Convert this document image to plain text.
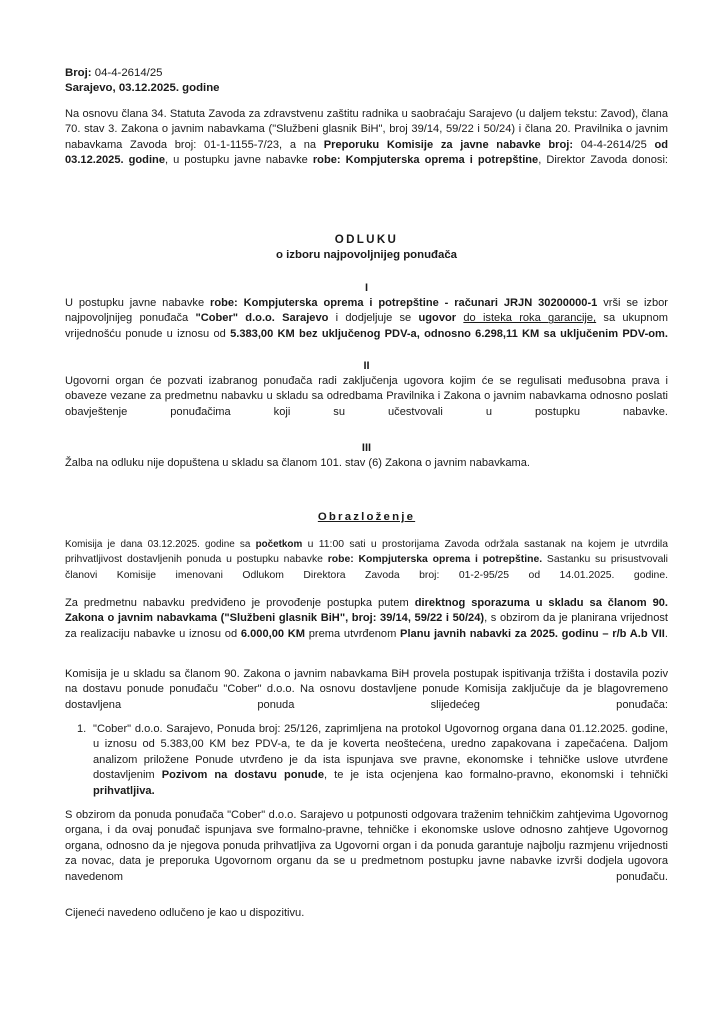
Broj: 04-4-2614/25
Sarajevo, 03.12.2025. godine
Na osnovu člana 34. Statuta Zavoda za zdravstvenu zaštitu radnika u saobraćaju Sarajevo (u daljem tekstu: Zavod), člana 70. stav 3. Zakona o javnim nabavkama ("Službeni glasnik BiH", broj 39/14, 59/22 i 50/24) i člana 20. Pravilnika o javnim nabavkama Zavoda broj: 01-1-1155-7/23, a na Preporuku Komisije za javne nabavke broj: 04-4-2614/25 od 03.12.2025. godine, u postupku javne nabavke robe: Kompjuterska oprema i potrepštine, Direktor Zavoda donosi:
ODLUKU
o izboru najpovoljnijeg ponuđača
I
U postupku javne nabavke robe: Kompjuterska oprema i potrepštine - računari JRJN 30200000-1 vrši se izbor najpovoljnijeg ponuđača "Cober" d.o.o. Sarajevo i dodjeljuje se ugovor do isteka roka garancije, sa ukupnom vrijednošću ponude u iznosu od 5.383,00 KM bez uključenog PDV-a, odnosno 6.298,11 KM sa uključenim PDV-om.
II
Ugovorni organ će pozvati izabranog ponuđača radi zaključenja ugovora kojim će se regulisati međusobna prava i obaveze vezane za predmetnu nabavku u skladu sa odredbama Pravilnika i Zakona o javnim nabavkama odnosno poslati obavještenje ponuđačima koji su učestvovali u postupku nabavke.
III
Žalba na odluku nije dopuštena u skladu sa članom 101. stav (6) Zakona o javnim nabavkama.
Obrazloženje
Komisija je dana 03.12.2025. godine sa početkom u 11:00 sati u prostorijama Zavoda održala sastanak na kojem je utvrdila prihvatljivost dostavljenih ponuda u postupku nabavke robe: Kompjuterska oprema i potrepštine. Sastanku su prisustvovali članovi Komisije imenovani Odlukom Direktora Zavoda broj: 01-2-95/25 od 14.01.2025. godine.
Za predmetnu nabavku predviđeno je provođenje postupka putem direktnog sporazuma u skladu sa članom 90. Zakona o javnim nabavkama ("Službeni glasnik BiH", broj: 39/14, 59/22 i 50/24), s obzirom da je planirana vrijednost za realizaciju nabavke u iznosu od 6.000,00 KM prema utvrđenom Planu javnih nabavki za 2025. godinu – r/b A.b VII.
Komisija je u skladu sa članom 90. Zakona o javnim nabavkama BiH provela postupak ispitivanja tržišta i dostavila poziv na dostavu ponude ponuđaču "Cober" d.o.o. Na osnovu dostavljene ponude Komisija zaključuje da je blagovremeno dostavljena ponuda slijedećeg ponuđača:
1. "Cober" d.o.o. Sarajevo, Ponuda broj: 25/126, zaprimljena na protokol Ugovornog organa dana 01.12.2025. godine, u iznosu od 5.383,00 KM bez PDV-a, te da je koverta neoštećena, uredno zapakovana i zapečaćena. Daljom analizom priložene Ponude utvrđeno je da ista ispunjava sve pravne, ekonomske i tehničke uslove utvrđene dostavljenim Pozivom na dostavu ponude, te je ista ocjenjena kao formalno-pravno, ekonomski i tehnički prihvatljiva.
S obzirom da ponuda ponuđača "Cober" d.o.o. Sarajevo u potpunosti odgovara traženim tehničkim zahtjevima Ugovornog organa, i da ovaj ponuđač ispunjava sve formalno-pravne, tehničke i ekonomske uslove odnosno zahtjeve Ugovornog organa, odnosno da je njegova ponuda prihvatljiva za Ugovorni organ i da ponuda garantuje najbolju razmjenu vrijednosti za novac, data je preporuka Ugovornom organu da se u predmetnom postupku javne nabavke izvrši dodjela ugovora navedenom ponuđaču.
Cijeneći navedeno odlučeno je kao u dispozitivu.
